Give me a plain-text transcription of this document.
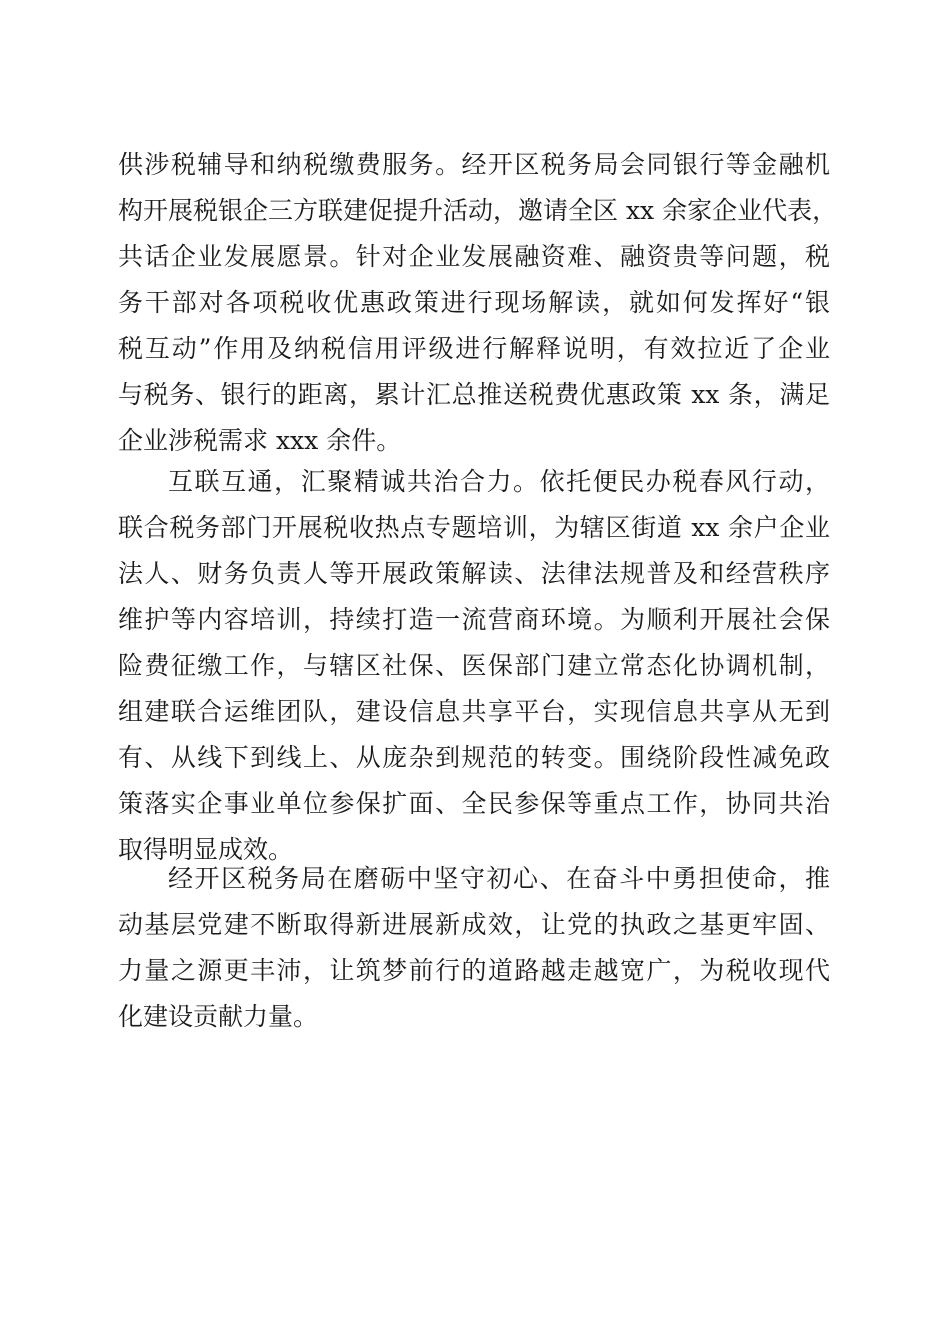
供涉税辅导和纳税缴费服务。经开区税务局会同银行等金融机
构开展税银企三方联建促提升活动，邀请全区 xx 余家企业代表，
共话企业发展愿景。针对企业发展融资难、融资贵等问题，税
务干部对各项税收优惠政策进行现场解读，就如何发挥好“银
税互动”作用及纳税信用评级进行解释说明，有效拉近了企业
与税务、银行的距离，累计汇总推送税费优惠政策 xx 条，满足
企业涉税需求 xxx 余件。
互联互通，汇聚精诚共治合力。依托便民办税春风行动，
联合税务部门开展税收热点专题培训，为辖区街道 xx 余户企业
法人、财务负责人等开展政策解读、法律法规普及和经营秩序
维护等内容培训，持续打造一流营商环境。为顺利开展社会保
险费征缴工作，与辖区社保、医保部门建立常态化协调机制，
组建联合运维团队，建设信息共享平台，实现信息共享从无到
有、从线下到线上、从庞杂到规范的转变。围绕阶段性减免政
策落实企事业单位参保扩面、全民参保等重点工作，协同共治
取得明显成效。
经开区税务局在磨砺中坚守初心、在奋斗中勇担使命，推
动基层党建不断取得新进展新成效，让党的执政之基更牢固、
力量之源更丰沛，让筑梦前行的道路越走越宽广，为税收现代
化建设贡献力量。
